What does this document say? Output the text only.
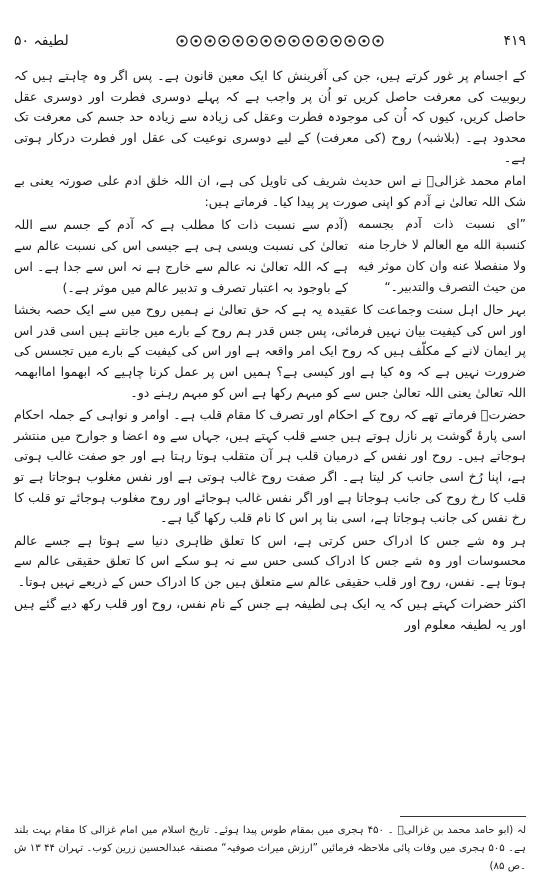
۴۱۹
لطیفہ ۵۰

کے اجسام پر غور کرتے ہیں، جن کی آفرینش کا ایک معین قانون ہے۔ پس اگر وہ چاہتے ہیں کہ ربوبیت کی معرفت حاصل کریں تو اُن پر واجب ہے کہ پہلے دوسری فطرت اور دوسری عقل حاصل کریں، کیوں کہ اُن کی موجودہ فطرت وعقل کی زیادہ سے زیادہ حد جسم کی معرفت تک محدود ہے۔ (بلاشبہ) روح (کی معرفت) کے لیے دوسری نوعیت کی عقل اور فطرت درکار ہوتی ہے۔

امام محمد غزالیؒ نے اس حدیث شریف کی تاویل کی ہے، ان اللہ خلق ادم علی صورتہ یعنی بے شک اللہ تعالیٰ نے آدم کو اپنی صورت پر پیدا کیا۔ فرماتے ہیں:

”ای نسبت ذات آدم بجسمه كنسبة الله مع العالم لا خارجا منه ولا منفصلا عنه وان كان موثر فيه من حيث التصرف والتدبير۔“
(آدم سے نسبت ذات کا مطلب ہے کہ آدم کے جسم سے اللہ تعالیٰ کی نسبت ویسی ہی ہے جیسی اس کی نسبت عالم سے ہے کہ اللہ تعالیٰ نہ عالم سے خارج ہے نہ اس سے جدا ہے۔ اس کے باوجود بہ اعتبار تصرف و تدبیر عالم میں موثر ہے۔)

بہر حال اہل سنت وجماعت کا عقیدہ یہ ہے کہ حق تعالیٰ نے ہمیں روح میں سے ایک حصہ بخشا اور اس کی کیفیت بیان نہیں فرمائی، پس جس قدر ہم روح کے بارے میں جانتے ہیں اسی قدر اس پر ایمان لانے کے مکلّف ہیں کہ روح ایک امر واقعہ ہے اور اس کی کیفیت کے بارے میں تجسس کی ضرورت نہیں ہے کہ وہ کیا ہے اور کیسی ہے؟ ہمیں اس پر عمل کرنا چاہیے کہ ابھموا اماابھمہ اللہ تعالیٰ یعنی اللہ تعالیٰ جس سے کو مبہم رکھا ہے اس کو مبہم رہنے دو۔

حضرتؒ فرماتے تھے کہ روح کے احکام اور تصرف کا مقام قلب ہے۔ اوامر و نواہی کے جملہ احکام اسی پارۂ گوشت پر نازل ہوتے ہیں جسے قلب کہتے ہیں، جہاں سے وہ اعضا و جوارح میں منتشر ہوجاتے ہیں۔ روح اور نفس کے درمیان قلب ہر آن متقلب ہوتا رہتا ہے اور جو صفت غالب ہوتی ہے، اپنا رُخ اسی جانب کر لیتا ہے۔ اگر صفت روح غالب ہوتی ہے اور نفس مغلوب ہوجاتا ہے تو قلب کا رخ روح کی جانب ہوجاتا ہے اور اگر نفس غالب ہوجائے اور روح مغلوب ہوجائے تو قلب کا رخ نفس کی جانب ہوجاتا ہے، اسی بنا پر اس کا نام قلب رکھا گیا ہے۔

ہر وہ شے جس کا ادراک حس کرتی ہے، اس کا تعلق ظاہری دنیا سے ہوتا ہے جسے عالم محسوسات اور وہ شے جس کا ادراک کسی حس سے نہ ہو سکے اس کا تعلق حقیقی عالم سے ہوتا ہے۔ نفس، روح اور قلب حقیقی عالم سے متعلق ہیں جن کا ادراک حس کے ذریعے نہیں ہوتا۔

اکثر حضرات کہتے ہیں کہ یہ ایک ہی لطیفہ ہے جس کے نام نفس، روح اور قلب رکھ دیے گئے ہیں اور یہ لطیفہ معلوم اور

لہ (ابو حامد محمد بن غزالیؒ ۔ ۴۵۰ ہجری میں بمقام طوس پیدا ہوئے۔ تاریخ اسلام میں امام غزالی کا مقام بہت بلند ہے۔ ۵۰۵ ہجری میں وفات پائی ملاحظہ فرمائیں ”ارزش میراث صوفیہ“ مصنفہ عبدالحسین زرین کوب۔ تہران ۴۴ ۱۳ ش ۔ص ۸۵)
